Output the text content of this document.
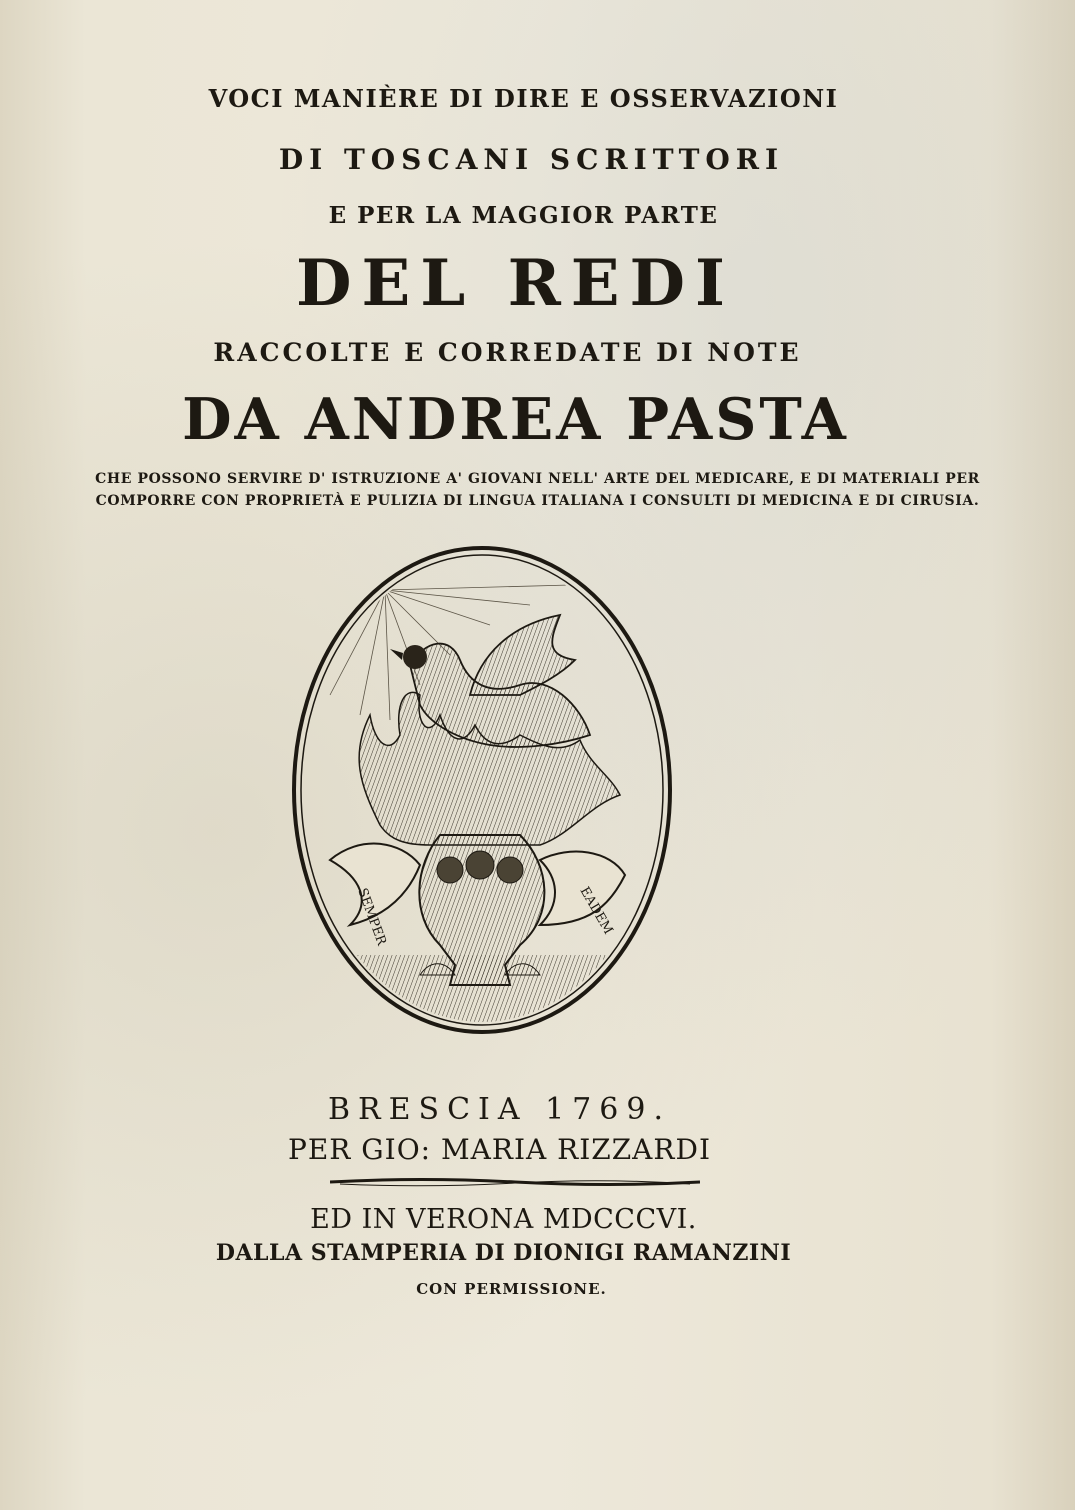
VOCI MANIÈRE DI DIRE E OSSERVAZIONI
DI TOSCANI SCRITTORI
E PER LA MAGGIOR PARTE
DEL REDI
RACCOLTE E CORREDATE DI NOTE
DA ANDREA PASTA
CHE POSSONO SERVIRE D' ISTRUZIONE A' GIOVANI NELL' ARTE DEL MEDICARE, E DI MATERIALI PER COMPORRE CON PROPRIETÀ E PULIZIA DI LINGUA ITALIANA I CONSULTI DI MEDICINA E DI CIRUSIA.
SEMPER	EADEM
BRESCIA 1769.
PER GIO: MARIA RIZZARDI
ED IN VERONA MDCCCVI.
DALLA STAMPERIA DI DIONIGI RAMANZINI
CON PERMISSIONE.
